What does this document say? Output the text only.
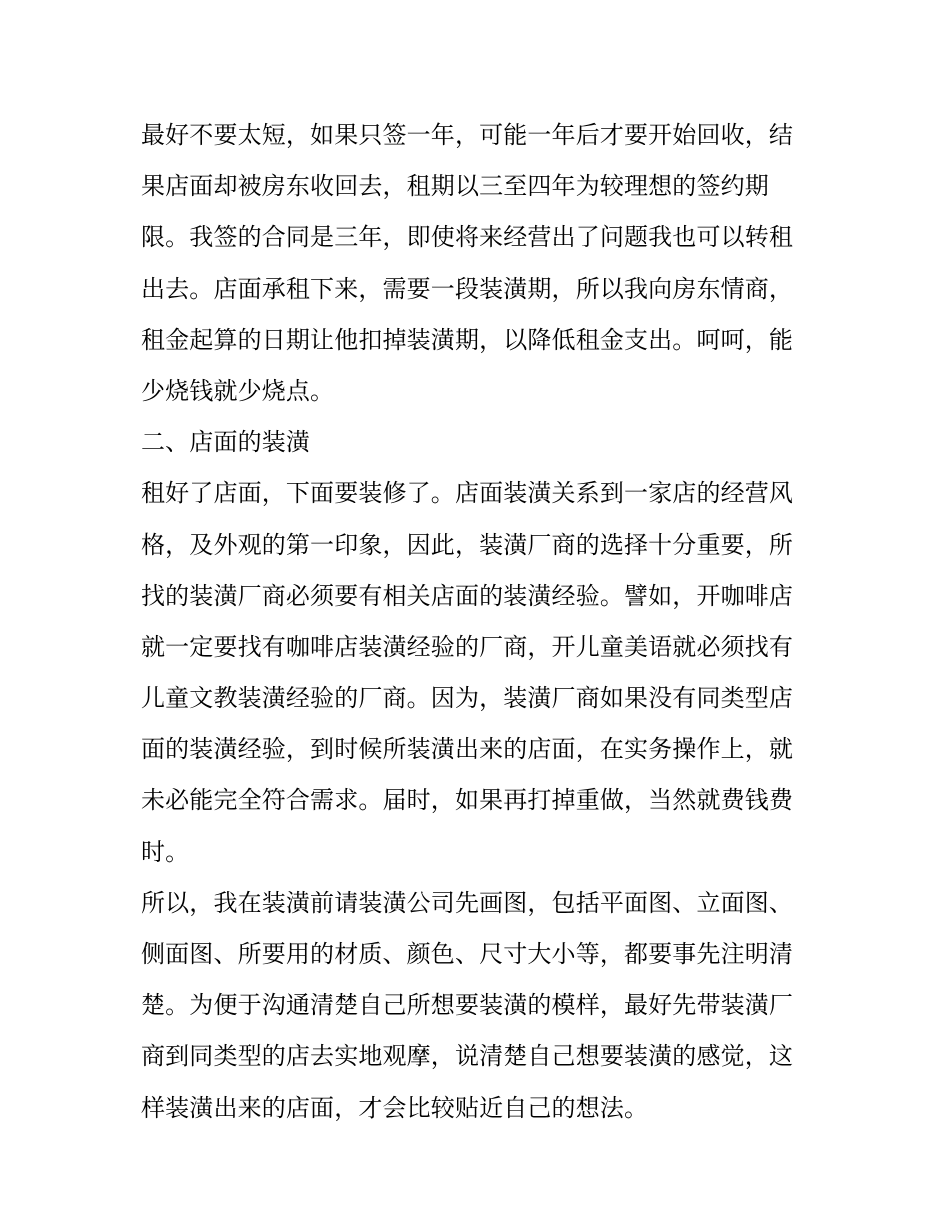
最好不要太短，如果只签一年，可能一年后才要开始回收，结
果店面却被房东收回去，租期以三至四年为较理想的签约期
限。我签的合同是三年，即使将来经营出了问题我也可以转租
出去。店面承租下来，需要一段装潢期，所以我向房东情商，
租金起算的日期让他扣掉装潢期，以降低租金支出。呵呵，能
少烧钱就少烧点。
二、店面的装潢
租好了店面，下面要装修了。店面装潢关系到一家店的经营风
格，及外观的第一印象，因此，装潢厂商的选择十分重要，所
找的装潢厂商必须要有相关店面的装潢经验。譬如，开咖啡店
就一定要找有咖啡店装潢经验的厂商，开儿童美语就必须找有
儿童文教装潢经验的厂商。因为，装潢厂商如果没有同类型店
面的装潢经验，到时候所装潢出来的店面，在实务操作上，就
未必能完全符合需求。届时，如果再打掉重做，当然就费钱费
时。
所以，我在装潢前请装潢公司先画图，包括平面图、立面图、
侧面图、所要用的材质、颜色、尺寸大小等，都要事先注明清
楚。为便于沟通清楚自己所想要装潢的模样，最好先带装潢厂
商到同类型的店去实地观摩，说清楚自己想要装潢的感觉，这
样装潢出来的店面，才会比较贴近自己的想法。
